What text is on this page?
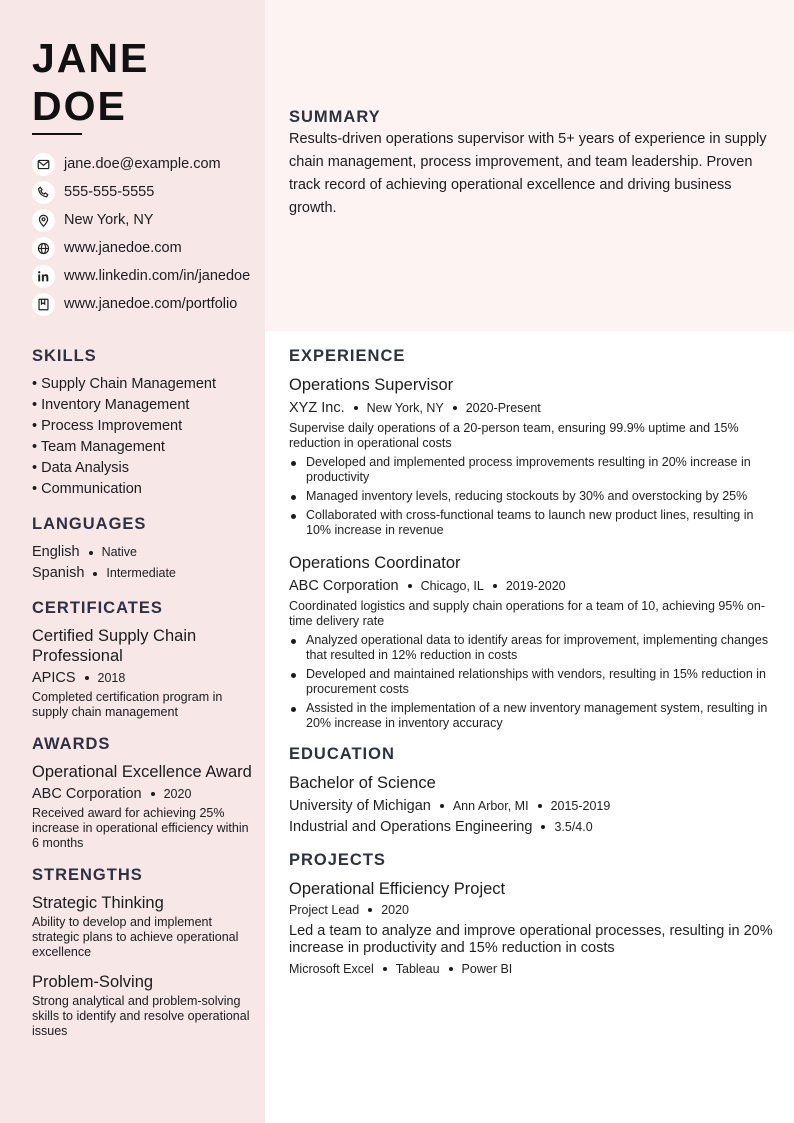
JANE
DOE
jane.doe@example.com
555-555-5555
New York, NY
www.janedoe.com
www.linkedin.com/in/janedoe
www.janedoe.com/portfolio
SUMMARY
Results-driven operations supervisor with 5+ years of experience in supply chain management, process improvement, and team leadership. Proven track record of achieving operational excellence and driving business growth.
SKILLS
• Supply Chain Management
• Inventory Management
• Process Improvement
• Team Management
• Data Analysis
• Communication
LANGUAGES
English Native
Spanish Intermediate
CERTIFICATES
Certified Supply Chain Professional
APICS 2018
Completed certification program in supply chain management
AWARDS
Operational Excellence Award
ABC Corporation 2020
Received award for achieving 25% increase in operational efficiency within 6 months
STRENGTHS
Strategic Thinking
Ability to develop and implement strategic plans to achieve operational excellence
Problem-Solving
Strong analytical and problem-solving skills to identify and resolve operational issues
EXPERIENCE
Operations Supervisor
XYZ Inc. New York, NY 2020-Present
Supervise daily operations of a 20-person team, ensuring 99.9% uptime and 15% reduction in operational costs
Developed and implemented process improvements resulting in 20% increase in productivity
Managed inventory levels, reducing stockouts by 30% and overstocking by 25%
Collaborated with cross-functional teams to launch new product lines, resulting in 10% increase in revenue
Operations Coordinator
ABC Corporation Chicago, IL 2019-2020
Coordinated logistics and supply chain operations for a team of 10, achieving 95% on-time delivery rate
Analyzed operational data to identify areas for improvement, implementing changes that resulted in 12% reduction in costs
Developed and maintained relationships with vendors, resulting in 15% reduction in procurement costs
Assisted in the implementation of a new inventory management system, resulting in 20% increase in inventory accuracy
EDUCATION
Bachelor of Science
University of Michigan Ann Arbor, MI 2015-2019
Industrial and Operations Engineering 3.5/4.0
PROJECTS
Operational Efficiency Project
Project Lead 2020
Led a team to analyze and improve operational processes, resulting in 20% increase in productivity and 15% reduction in costs
Microsoft Excel Tableau Power BI
